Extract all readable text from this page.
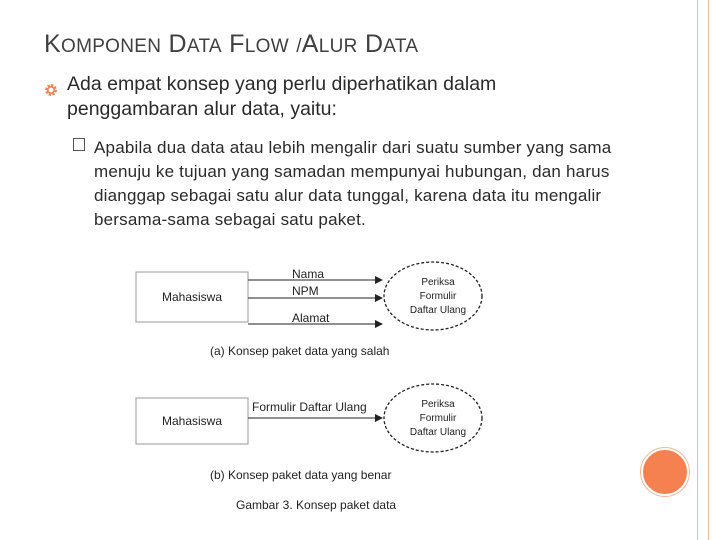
KOMPONEN DATA FLOW /ALUR DATA
Ada empat konsep yang perlu diperhatikan dalam penggambaran alur data, yaitu:
Apabila dua data atau lebih mengalir dari suatu sumber yang sama menuju ke tujuan yang samadan mempunyai hubungan, dan harus dianggap sebagai satu alur data tunggal, karena data itu mengalir bersama-sama sebagai satu paket.
Mahasiswa
Nama
NPM
Alamat
Periksa
Formulir
Daftar Ulang
(a) Konsep paket data yang salah
Mahasiswa
Formulir Daftar Ulang	Periksa
Formulir
Daftar Ulang
(b) Konsep paket data yang benar
Gambar 3. Konsep paket data
